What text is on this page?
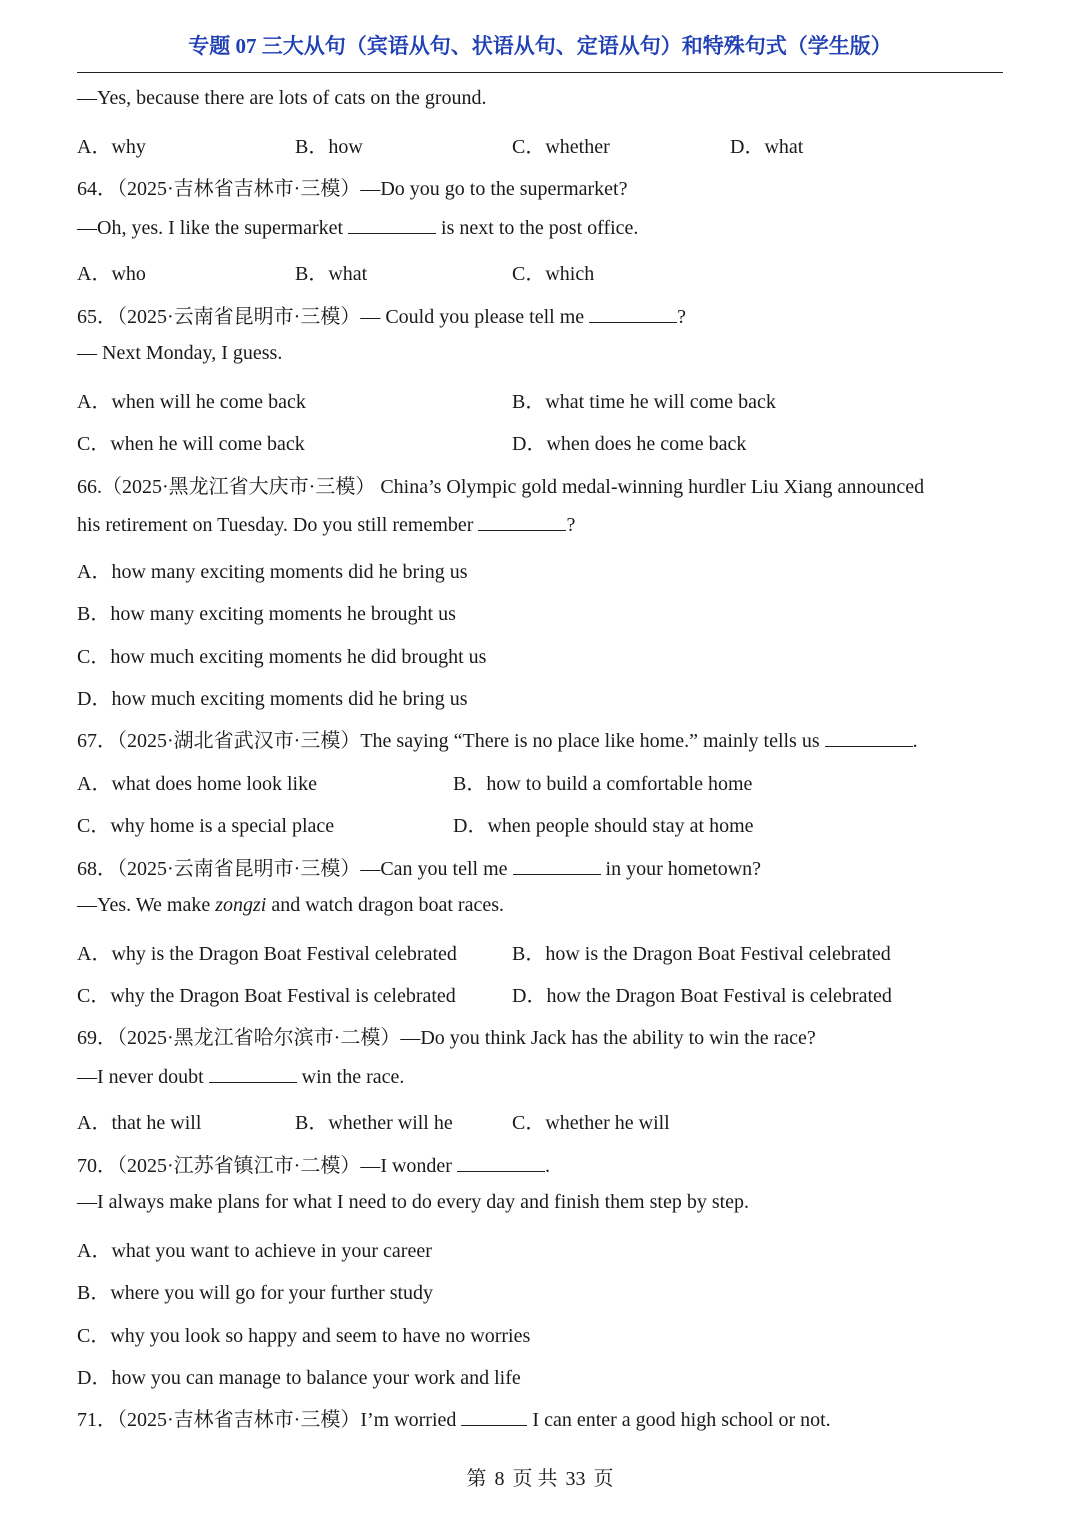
专题 07 三大从句（宾语从句、状语从句、定语从句）和特殊句式（学生版）
—Yes, because there are lots of cats on the ground.
A．why	B．how	C．whether	D．what
64．（2025·吉林省吉林市·三模）—Do you go to the supermarket?
—Oh, yes. I like the supermarket	is next to the post office.
A．who	B．what	C．which
65．（2025·云南省昆明市·三模）— Could you please tell me	?
— Next Monday, I guess.
A．when will he come back	B．what time he will come back
C．when he will come back	D．when does he come back
66.（2025·黑龙江省大庆市·三模） China’s Olympic gold medal-winning hurdler Liu Xiang announced
his retirement on Tuesday. Do you still remember	?
A．how many exciting moments did he bring us
B．how many exciting moments he brought us
C．how much exciting moments he did brought us
D．how much exciting moments did he bring us
67．（2025·湖北省武汉市·三模）The saying “There is no place like home.” mainly tells us	.
A．what does home look like	B．how to build a comfortable home
C．why home is a special place	D．when people should stay at home
68．（2025·云南省昆明市·三模）—Can you tell me	in your hometown?
—Yes. We make zongzi and watch dragon boat races.
A．why is the Dragon Boat Festival celebrated	B．how is the Dragon Boat Festival celebrated
C．why the Dragon Boat Festival is celebrated	D．how the Dragon Boat Festival is celebrated
69．（2025·黑龙江省哈尔滨市·二模）—Do you think Jack has the ability to win the race?
—I never doubt	win the race.
A．that he will	B．whether will he	C．whether he will
70．（2025·江苏省镇江市·二模）—I wonder	.
—I always make plans for what I need to do every day and finish them step by step.
A．what you want to achieve in your career
B．where you will go for your further study
C．why you look so happy and seem to have no worries
D．how you can manage to balance your work and life
71．（2025·吉林省吉林市·三模）I’m worried	I can enter a good high school or not.
第 8 页 共 33 页
